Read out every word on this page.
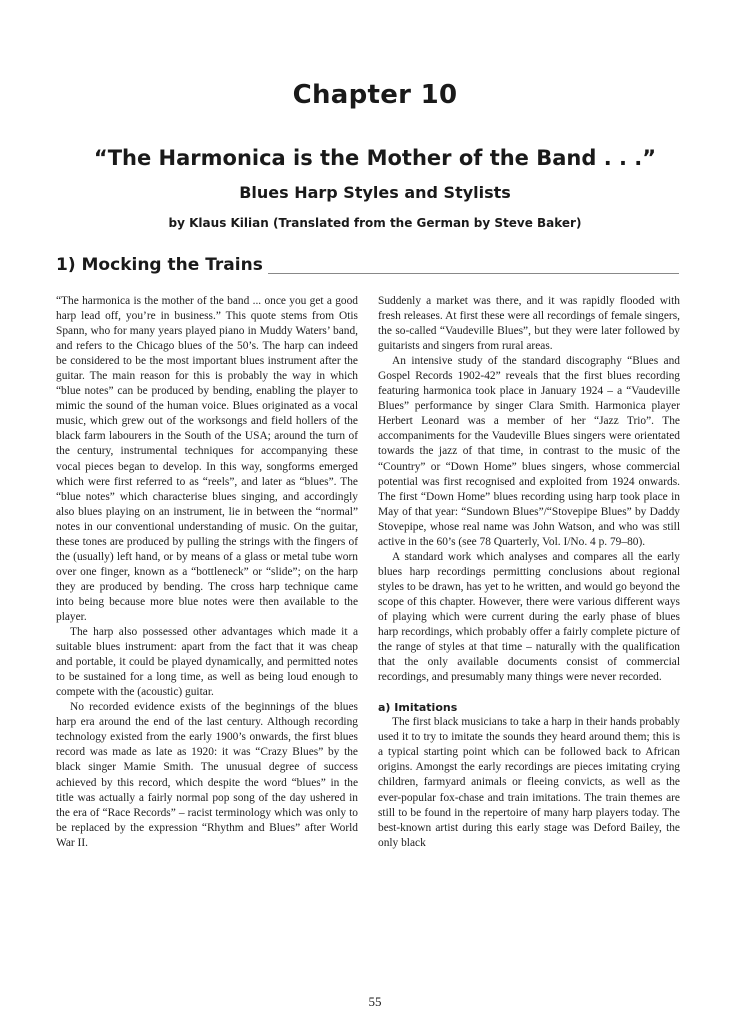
Chapter 10
“The Harmonica is the Mother of the Band . . .”
Blues Harp Styles and Stylists
by Klaus Kilian (Translated from the German by Steve Baker)
1) Mocking the Trains

“The harmonica is the mother of the band ... once you get a good harp lead off, you’re in business.” This quote stems from Otis Spann, who for many years played piano in Muddy Waters’ band, and refers to the Chicago blues of the 50’s. The harp can indeed be considered to be the most important blues instrument after the guitar. The main reason for this is probably the way in which “blue notes” can be produced by bending, enabling the player to mimic the sound of the human voice. Blues originated as a vocal music, which grew out of the worksongs and field hollers of the black farm labourers in the South of the USA; around the turn of the century, instrumental techniques for accompanying these vocal pieces began to develop. In this way, songforms emerged which were first referred to as “reels”, and later as “blues”. The “blue notes” which characterise blues singing, and accordingly also blues playing on an instrument, lie in between the “normal” notes in our conventional understanding of music. On the guitar, these tones are produced by pulling the strings with the fingers of the (usually) left hand, or by means of a glass or metal tube worn over one finger, known as a “bottleneck” or “slide”; on the harp they are produced by bending. The cross harp technique came into being because more blue notes were then available to the player.

The harp also possessed other advantages which made it a suitable blues instrument: apart from the fact that it was cheap and portable, it could be played dynamically, and permitted notes to be sustained for a long time, as well as being loud enough to compete with the (acoustic) guitar.

No recorded evidence exists of the beginnings of the blues harp era around the end of the last century. Although recording technology existed from the early 1900’s onwards, the first blues record was made as late as 1920: it was “Crazy Blues” by the black singer Mamie Smith. The unusual degree of success achieved by this record, which despite the word “blues” in the title was actually a fairly normal pop song of the day ushered in the era of “Race Records” – racist terminology which was only to be replaced by the expression “Rhythm and Blues” after World War II.

Suddenly a market was there, and it was rapidly flooded with fresh releases. At first these were all recordings of female singers, the so-called “Vaudeville Blues”, but they were later followed by guitarists and singers from rural areas.

An intensive study of the standard discography “Blues and Gospel Records 1902-42” reveals that the first blues recording featuring harmonica took place in January 1924 – a “Vaudeville Blues” performance by singer Clara Smith. Harmonica player Herbert Leonard was a member of her “Jazz Trio”. The accompaniments for the Vaudeville Blues singers were orientated towards the jazz of that time, in contrast to the music of the “Country” or “Down Home” blues singers, whose commercial potential was first recognised and exploited from 1924 onwards. The first “Down Home” blues recording using harp took place in May of that year: “Sundown Blues”/“Stovepipe Blues” by Daddy Stovepipe, whose real name was John Watson, and who was still active in the 60’s (see 78 Quarterly, Vol. I/No. 4 p. 79–80).

A standard work which analyses and compares all the early blues harp recordings permitting conclusions about regional styles to be drawn, has yet to he written, and would go beyond the scope of this chapter. However, there were various different ways of playing which were current during the early phase of blues harp recordings, which probably offer a fairly complete picture of the range of styles at that time – naturally with the qualification that the only available documents consist of commercial recordings, and presumably many things were never recorded.

a) Imitations

The first black musicians to take a harp in their hands probably used it to try to imitate the sounds they heard around them; this is a typical starting point which can be followed back to African origins. Amongst the early recordings are pieces imitating crying children, farmyard animals or fleeing convicts, as well as the ever-popular fox-chase and train imitations. The train themes are still to be found in the repertoire of many harp players today. The best-known artist during this early stage was Deford Bailey, the only black

55
